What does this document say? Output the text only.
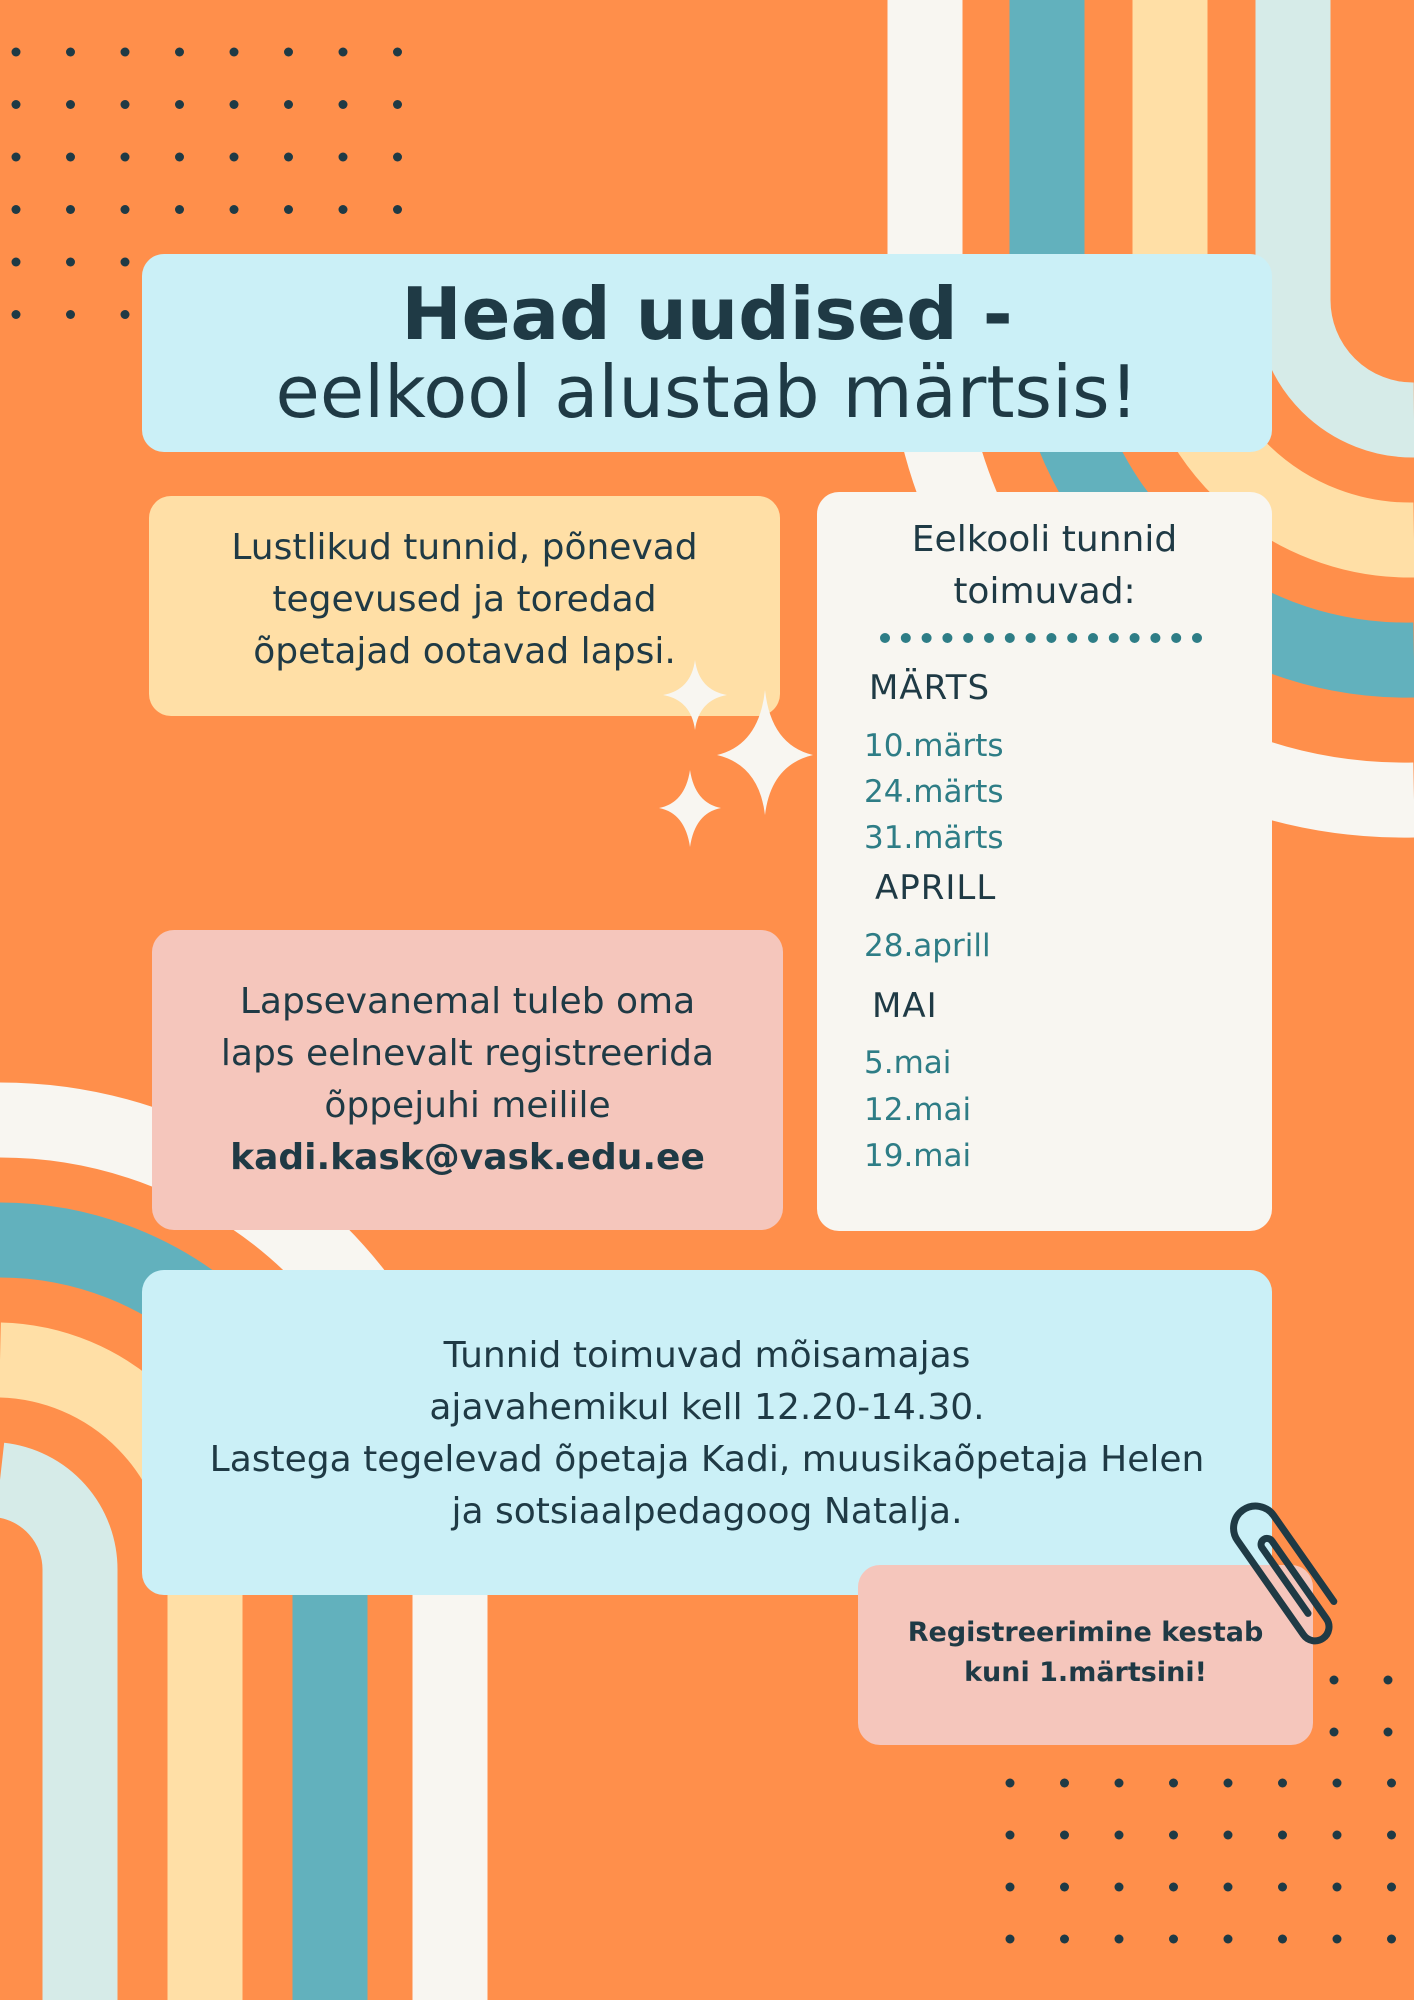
Head uudised -
eelkool alustab märtsis!
Lustlikud tunnid, põnevad
tegevused ja toredad
õpetajad ootavad lapsi.
Lapsevanemal tuleb oma
laps eelnevalt registreerida
õppejuhi meilile
kadi.kask@vask.edu.ee
Eelkooli tunnid
toimuvad:
MÄRTS
10.märts
24.märts
31.märts
APRILL
28.aprill
MAI
5.mai
12.mai
19.mai
Tunnid toimuvad mõisamajas
ajavahemikul kell 12.20-14.30.
Lastega tegelevad õpetaja Kadi, muusikaõpetaja Helen
ja sotsiaalpedagoog Natalja.
Registreerimine kestab
kuni 1.märtsini!
